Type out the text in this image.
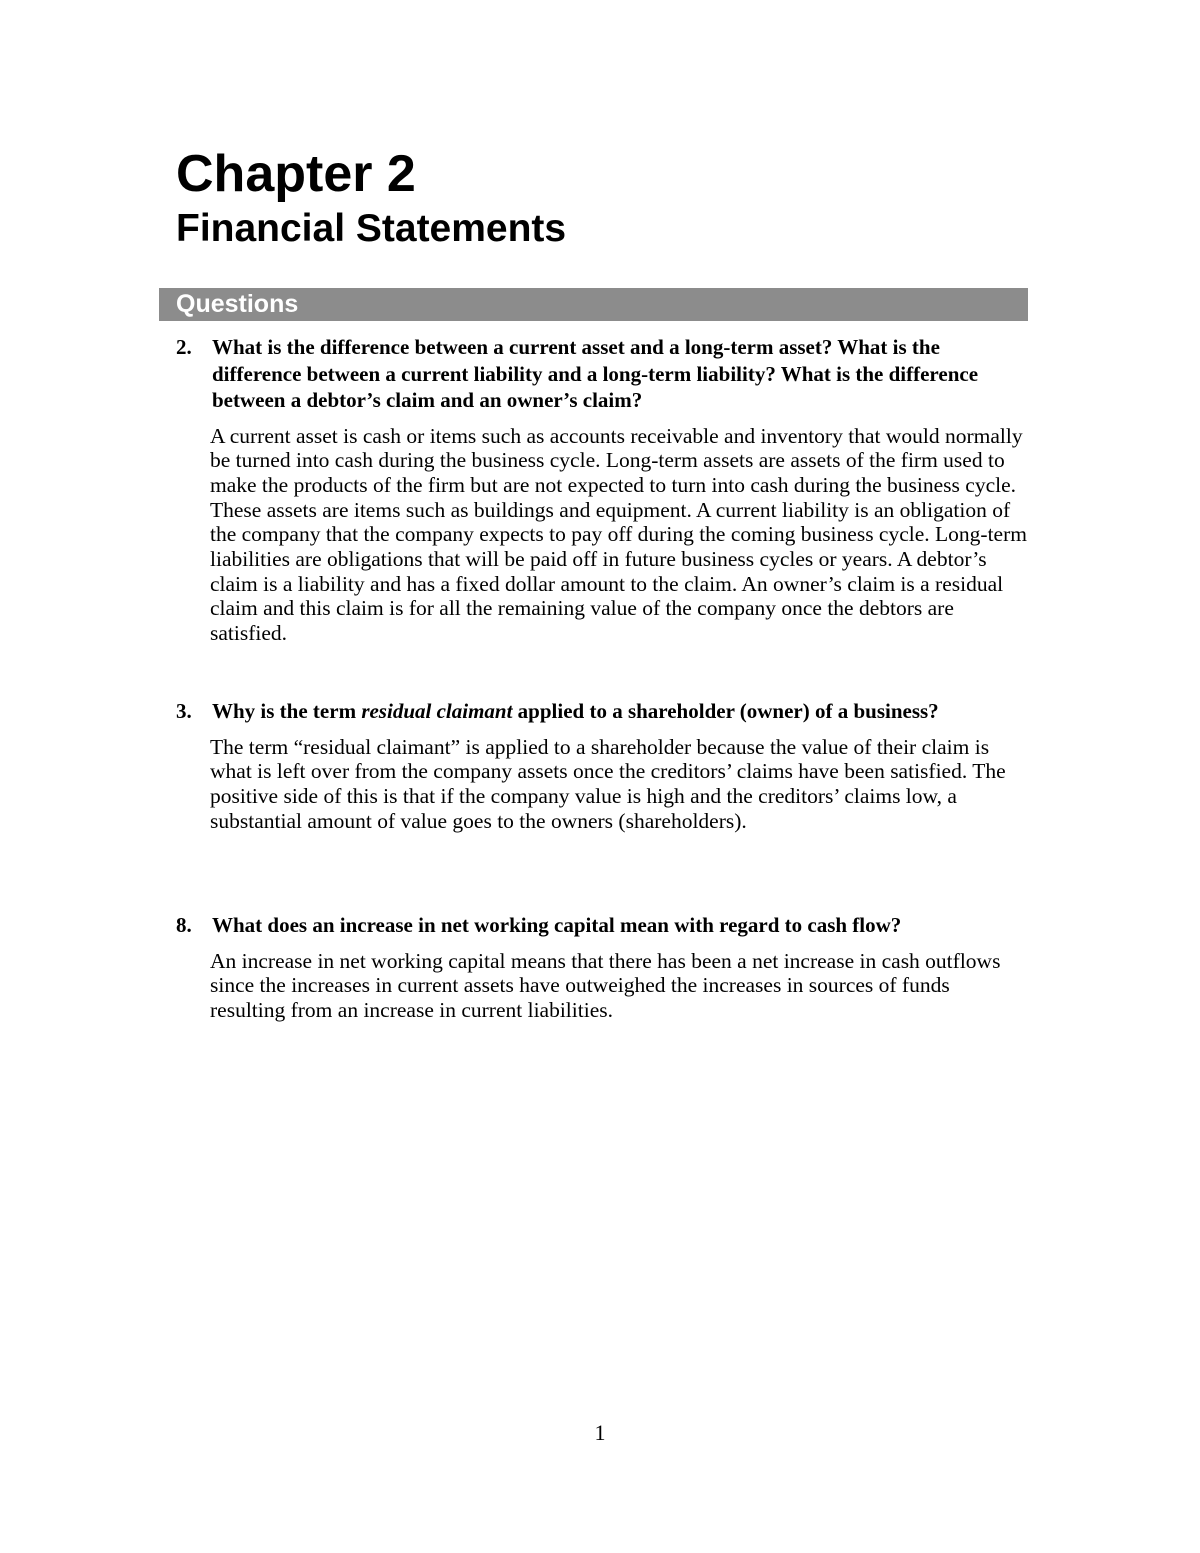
Chapter 2
Financial Statements
Questions
2. What is the difference between a current asset and a long-term asset? What is the difference between a current liability and a long-term liability? What is the difference between a debtor’s claim and an owner’s claim?

A current asset is cash or items such as accounts receivable and inventory that would normally be turned into cash during the business cycle. Long-term assets are assets of the firm used to make the products of the firm but are not expected to turn into cash during the business cycle. These assets are items such as buildings and equipment. A current liability is an obligation of the company that the company expects to pay off during the coming business cycle. Long-term liabilities are obligations that will be paid off in future business cycles or years. A debtor’s claim is a liability and has a fixed dollar amount to the claim. An owner’s claim is a residual claim and this claim is for all the remaining value of the company once the debtors are satisfied.

3. Why is the term residual claimant applied to a shareholder (owner) of a business?

The term “residual claimant” is applied to a shareholder because the value of their claim is what is left over from the company assets once the creditors’ claims have been satisfied. The positive side of this is that if the company value is high and the creditors’ claims low, a substantial amount of value goes to the owners (shareholders).

8. What does an increase in net working capital mean with regard to cash flow?

An increase in net working capital means that there has been a net increase in cash outflows since the increases in current assets have outweighed the increases in sources of funds resulting from an increase in current liabilities.

1
